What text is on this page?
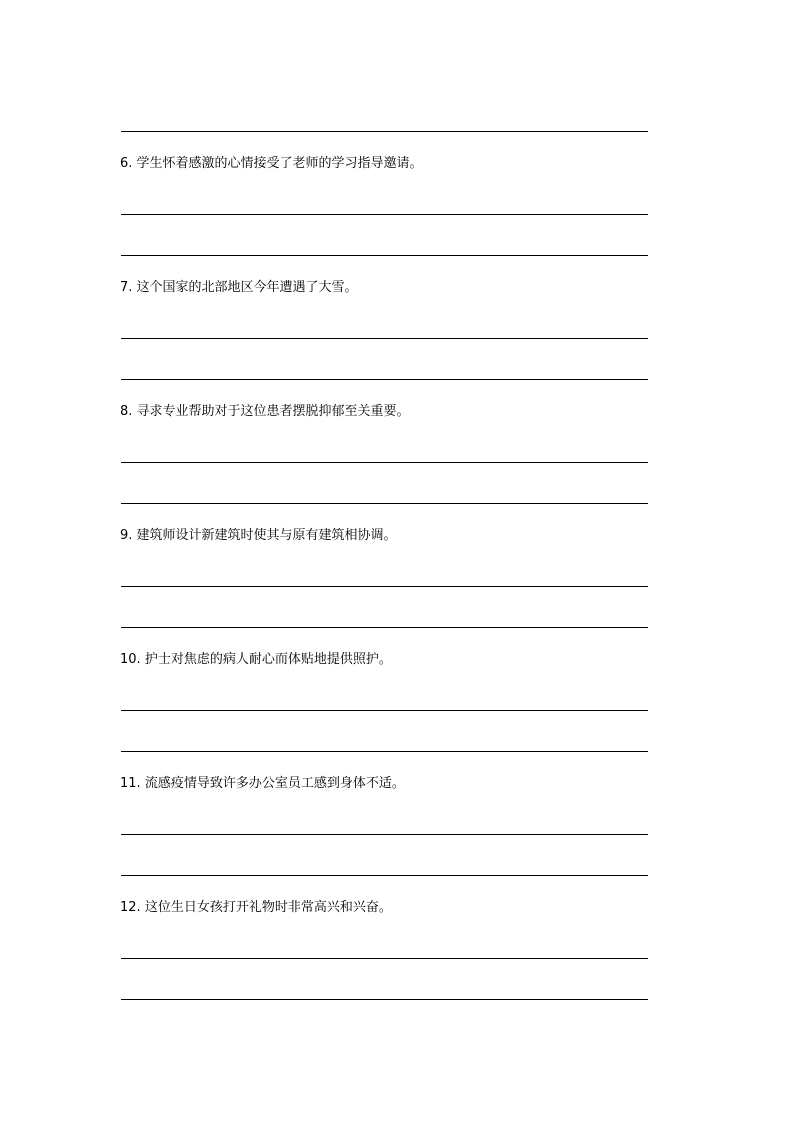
6. 学生怀着感激的心情接受了老师的学习指导邀请。
7. 这个国家的北部地区今年遭遇了大雪。
8. 寻求专业帮助对于这位患者摆脱抑郁至关重要。
9. 建筑师设计新建筑时使其与原有建筑相协调。
10. 护士对焦虑的病人耐心而体贴地提供照护。
11. 流感疫情导致许多办公室员工感到身体不适。
12. 这位生日女孩打开礼物时非常高兴和兴奋。
